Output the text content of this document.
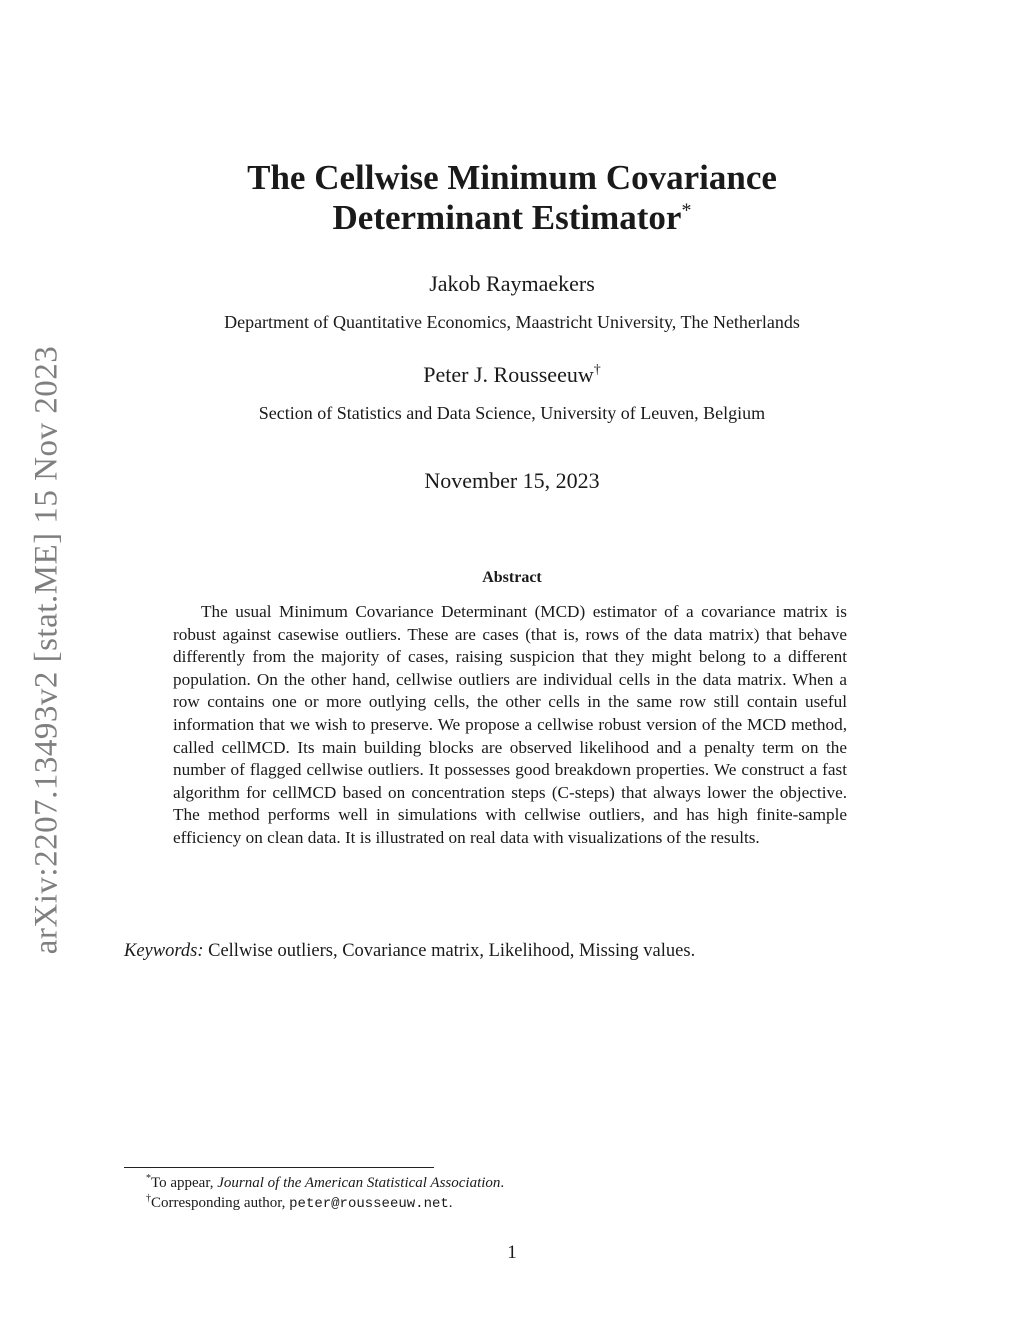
arXiv:2207.13493v2 [stat.ME] 15 Nov 2023
The Cellwise Minimum Covariance
Determinant Estimator*
Jakob Raymaekers
Department of Quantitative Economics, Maastricht University, The Netherlands
Peter J. Rousseeuw†
Section of Statistics and Data Science, University of Leuven, Belgium
November 15, 2023
Abstract

The usual Minimum Covariance Determinant (MCD) estimator of a covariance matrix is robust against casewise outliers. These are cases (that is, rows of the data matrix) that behave differently from the majority of cases, raising suspicion that they might belong to a different population. On the other hand, cellwise outliers are individual cells in the data matrix. When a row contains one or more outlying cells, the other cells in the same row still contain useful information that we wish to preserve. We propose a cellwise robust version of the MCD method, called cellMCD. Its main building blocks are observed likelihood and a penalty term on the number of flagged cellwise outliers. It possesses good breakdown properties. We construct a fast algorithm for cellMCD based on concentration steps (C-steps) that always lower the objective. The method performs well in simulations with cellwise outliers, and has high finite-sample efficiency on clean data. It is illustrated on real data with visualizations of the results.

Keywords: Cellwise outliers, Covariance matrix, Likelihood, Missing values.
*To appear, Journal of the American Statistical Association.
†Corresponding author, peter@rousseeuw.net.
1
